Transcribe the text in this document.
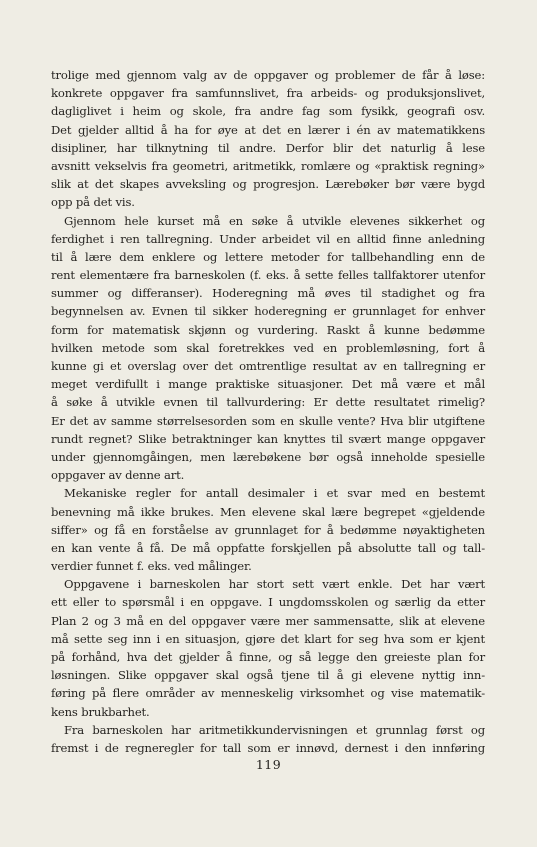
trolige med gjennom valg av de oppgaver og problemer de får å løse:
konkrete oppgaver fra samfunnslivet, fra arbeids- og produksjonslivet,
dagliglivet i heim og skole, fra andre fag som fysikk, geografi osv.
Det gjelder alltid å ha for øye at det en lærer i én av matematikkens
disipliner, har tilknytning til andre. Derfor blir det naturlig å lese
avsnitt vekselvis fra geometri, aritmetikk, romlære og «praktisk regning»
slik at det skapes avveksling og progresjon. Lærebøker bør være bygd
opp på det vis.
Gjennom hele kurset må en søke å utvikle elevenes sikkerhet og
ferdighet i ren tallregning. Under arbeidet vil en alltid finne anledning
til å lære dem enklere og lettere metoder for tallbehandling enn de
rent elementære fra barneskolen (f. eks. å sette felles tallfaktorer utenfor
summer og differanser). Hoderegning må øves til stadighet og fra
begynnelsen av. Evnen til sikker hoderegning er grunnlaget for enhver
form for matematisk skjønn og vurdering. Raskt å kunne bedømme
hvilken metode som skal foretrekkes ved en problemløsning, fort å
kunne gi et overslag over det omtrentlige resultat av en tallregning er
meget verdifullt i mange praktiske situasjoner. Det må være et mål
å søke å utvikle evnen til tallvurdering: Er dette resultatet rimelig?
Er det av samme størrelsesorden som en skulle vente? Hva blir utgiftene
rundt regnet? Slike betraktninger kan knyttes til svært mange oppgaver
under gjennomgåingen, men lærebøkene bør også inneholde spesielle
oppgaver av denne art.
Mekaniske regler for antall desimaler i et svar med en bestemt
benevning må ikke brukes. Men elevene skal lære begrepet «gjeldende
siffer» og få en forståelse av grunnlaget for å bedømme nøyaktigheten
en kan vente å få. De må oppfatte forskjellen på absolutte tall og tall-
verdier funnet f. eks. ved målinger.
Oppgavene i barneskolen har stort sett vært enkle. Det har vært
ett eller to spørsmål i en oppgave. I ungdomsskolen og særlig da etter
Plan 2 og 3 må en del oppgaver være mer sammensatte, slik at elevene
må sette seg inn i en situasjon, gjøre det klart for seg hva som er kjent
på forhånd, hva det gjelder å finne, og så legge den greieste plan for
løsningen. Slike oppgaver skal også tjene til å gi elevene nyttig inn-
føring på flere områder av menneskelig virksomhet og vise matematik-
kens brukbarhet.
Fra barneskolen har aritmetikkundervisningen et grunnlag først og
fremst i de regneregler for tall som er innøvd, dernest i den innføring
119
